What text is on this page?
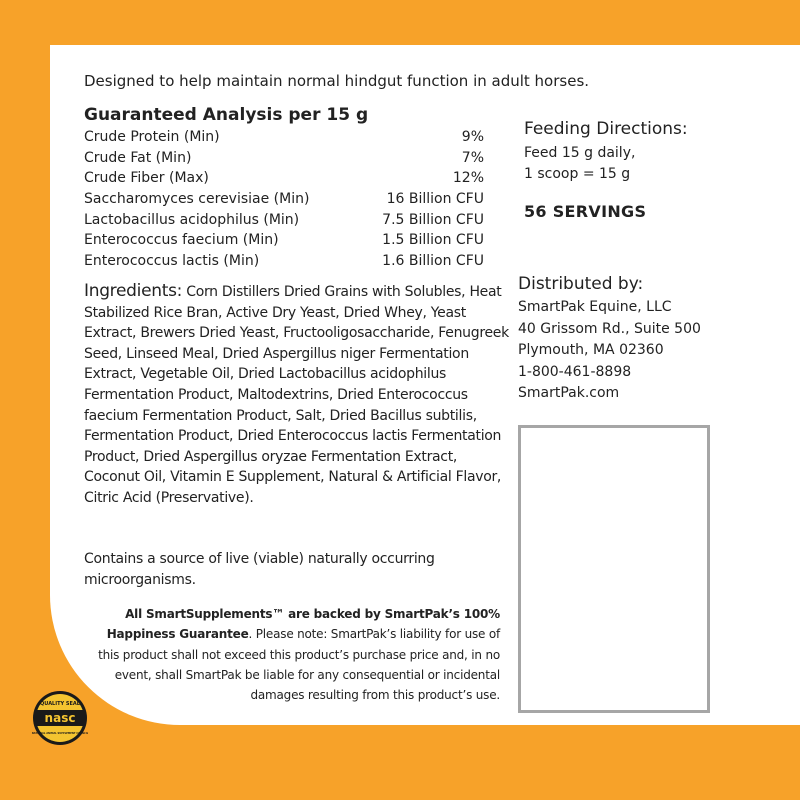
Designed to help maintain normal hindgut function in adult horses.
Guaranteed Analysis per 15 g
Crude Protein (Min)	9%
Crude Fat (Min)	7%
Crude Fiber (Max)	12%
Saccharomyces cerevisiae (Min)	16 Billion CFU
Lactobacillus acidophilus (Min)	7.5 Billion CFU
Enterococcus faecium (Min)	1.5 Billion CFU
Enterococcus lactis (Min)	1.6 Billion CFU
Ingredients: Corn Distillers Dried Grains with Solubles, Heat Stabilized Rice Bran, Active Dry Yeast, Dried Whey, Yeast Extract, Brewers Dried Yeast, Fructooligosaccharide, Fenugreek Seed, Linseed Meal, Dried Aspergillus niger Fermentation Extract, Vegetable Oil, Dried Lactobacillus acidophilus Fermentation Product, Maltodextrins, Dried Enterococcus faecium Fermentation Product, Salt, Dried Bacillus subtilis, Fermentation Product, Dried Enterococcus lactis Fermentation Product, Dried Aspergillus oryzae Fermentation Extract, Coconut Oil, Vitamin E Supplement, Natural & Artificial Flavor, Citric Acid (Preservative).
Contains a source of live (viable) naturally occurring microorganisms.
All SmartSupplements™ are backed by SmartPak’s 100% Happiness Guarantee. Please note: SmartPak’s liability for use of this product shall not exceed this product’s purchase price and, in no event, shall SmartPak be liable for any consequential or incidental damages resulting from this product’s use.
Feeding Directions:
Feed 15 g daily,
1 scoop = 15 g
56 SERVINGS
Distributed by:
SmartPak Equine, LLC
40 Grissom Rd., Suite 500
Plymouth, MA 02360
1-800-461-8898
SmartPak.com
nasc
QUALITY SEAL
NATIONAL ANIMAL SUPPLEMENT COUNCIL
